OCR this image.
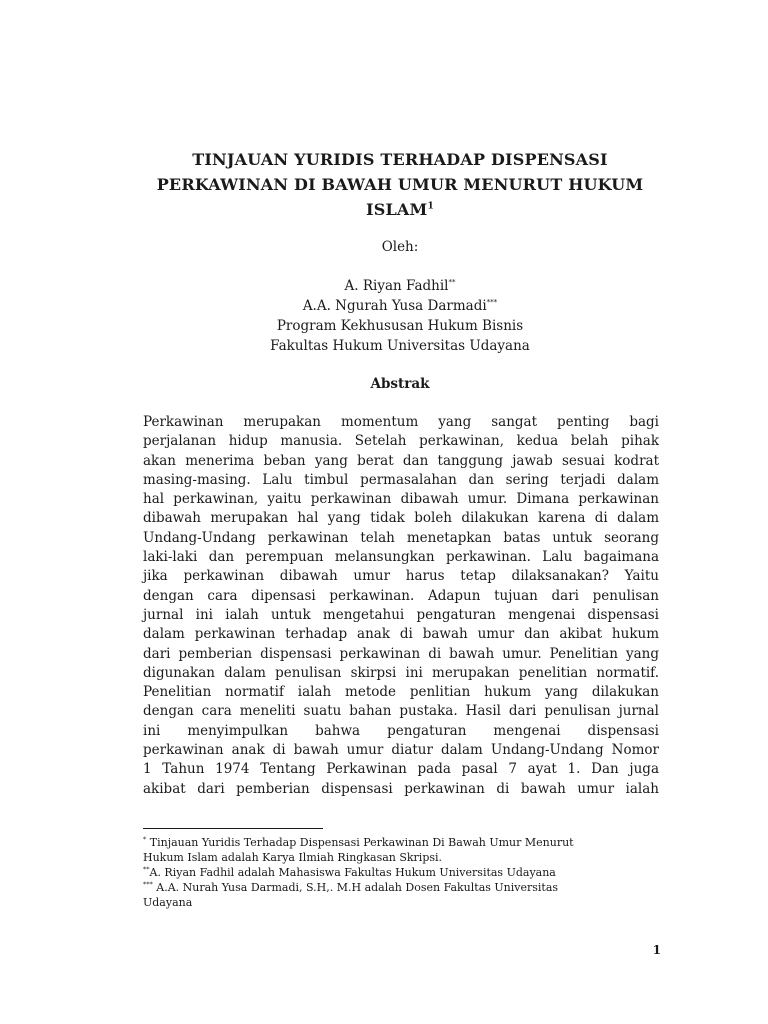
TINJAUAN YURIDIS TERHADAP DISPENSASI
PERKAWINAN DI BAWAH UMUR MENURUT HUKUM
ISLAM$^1$
Oleh:
A. Riyan Fadhil**
A.A. Ngurah Yusa Darmadi***
Program Kekhususan Hukum Bisnis
Fakultas Hukum Universitas Udayana
Abstrak
Perkawinan merupakan momentum yang sangat penting bagi
perjalanan hidup manusia. Setelah perkawinan, kedua belah pihak
akan menerima beban yang berat dan tanggung jawab sesuai kodrat
masing-masing. Lalu timbul permasalahan dan sering terjadi dalam
hal perkawinan, yaitu perkawinan dibawah umur. Dimana perkawinan
dibawah merupakan hal yang tidak boleh dilakukan karena di dalam
Undang-Undang perkawinan telah menetapkan batas untuk seorang
laki-laki dan perempuan melansungkan perkawinan. Lalu bagaimana
jika perkawinan dibawah umur harus tetap dilaksanakan? Yaitu
dengan cara dipensasi perkawinan. Adapun tujuan dari penulisan
jurnal ini ialah untuk mengetahui pengaturan mengenai dispensasi
dalam perkawinan terhadap anak di bawah umur dan akibat hukum
dari pemberian dispensasi perkawinan di bawah umur. Penelitian yang
digunakan dalam penulisan skirpsi ini merupakan penelitian normatif.
Penelitian normatif ialah metode penlitian hukum yang dilakukan
dengan cara meneliti suatu bahan pustaka. Hasil dari penulisan jurnal
ini menyimpulkan bahwa pengaturan mengenai dispensasi
perkawinan anak di bawah umur diatur dalam Undang-Undang Nomor
1 Tahun 1974 Tentang Perkawinan pada pasal 7 ayat 1. Dan juga
akibat dari pemberian dispensasi perkawinan di bawah umur ialah
* Tinjauan Yuridis Terhadap Dispensasi Perkawinan Di Bawah Umur Menurut
Hukum Islam adalah Karya Ilmiah Ringkasan Skripsi.
**A. Riyan Fadhil adalah Mahasiswa Fakultas Hukum Universitas Udayana
*** A.A. Nurah Yusa Darmadi, S.H,. M.H adalah Dosen Fakultas Universitas
Udayana
1
